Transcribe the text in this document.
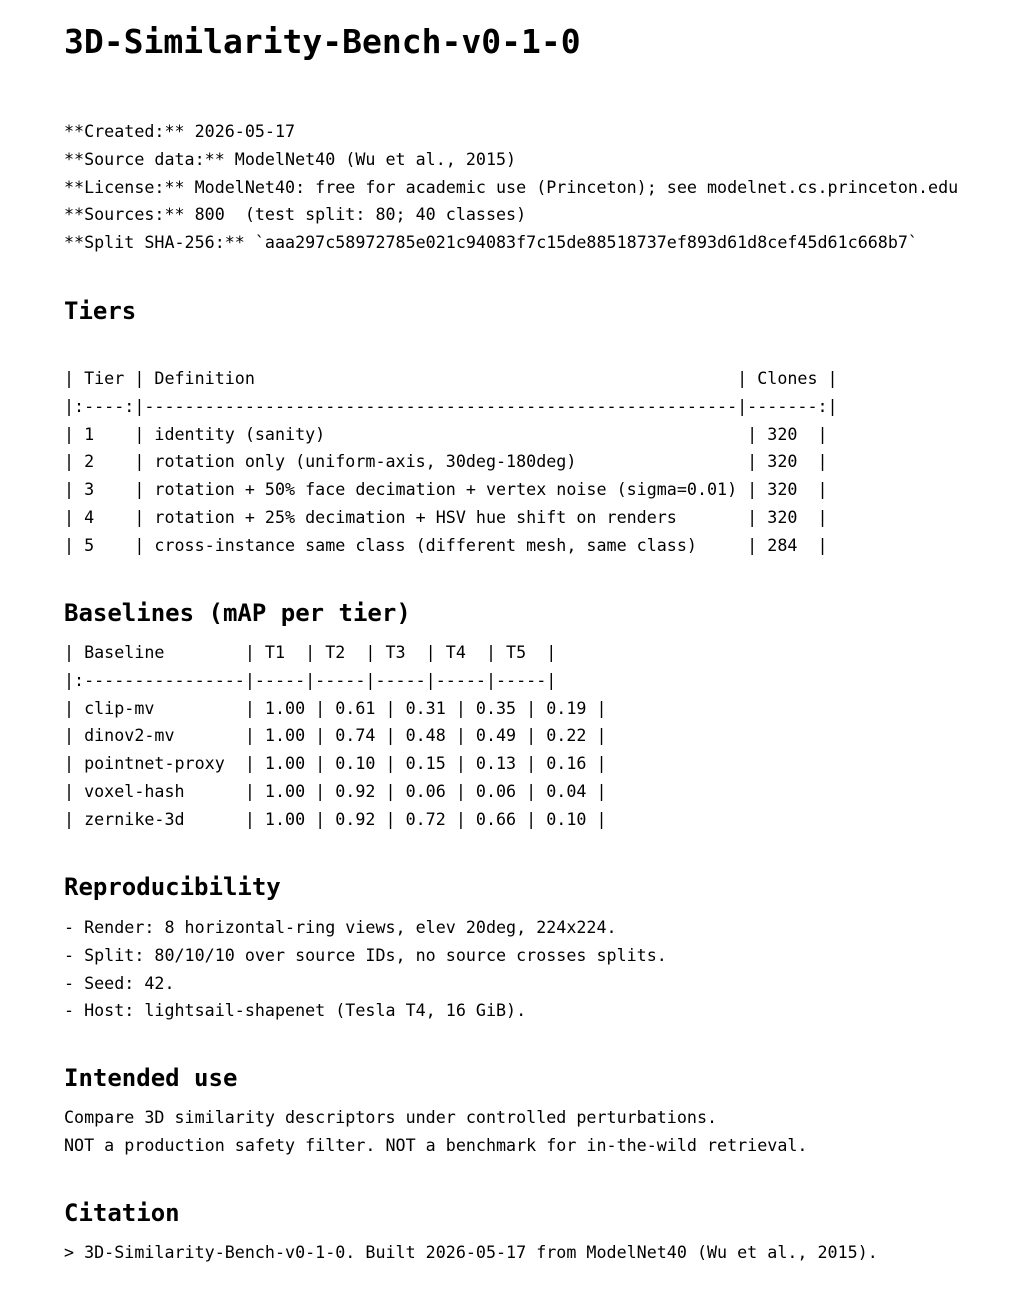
3D-Similarity-Bench-v0-1-0
**Created:** 2026-05-17
**Source data:** ModelNet40 (Wu et al., 2015)
**License:** ModelNet40: free for academic use (Princeton); see modelnet.cs.princeton.edu
**Sources:** 800  (test split: 80; 40 classes)
**Split SHA-256:** `aaa297c58972785e021c94083f7c15de88518737ef893d61d8cef45d61c668b7`
Tiers
| Tier | Definition                                                | Clones |
|:----:|-----------------------------------------------------------|-------:|
| 1    | identity (sanity)                                          | 320  |
| 2    | rotation only (uniform-axis, 30deg-180deg)                 | 320  |
| 3    | rotation + 50% face decimation + vertex noise (sigma=0.01) | 320  |
| 4    | rotation + 25% decimation + HSV hue shift on renders       | 320  |
| 5    | cross-instance same class (different mesh, same class)     | 284  |
Baselines (mAP per tier)
| Baseline        | T1  | T2  | T3  | T4  | T5  |
|:----------------|-----|-----|-----|-----|-----|
| clip-mv         | 1.00 | 0.61 | 0.31 | 0.35 | 0.19 |
| dinov2-mv       | 1.00 | 0.74 | 0.48 | 0.49 | 0.22 |
| pointnet-proxy  | 1.00 | 0.10 | 0.15 | 0.13 | 0.16 |
| voxel-hash      | 1.00 | 0.92 | 0.06 | 0.06 | 0.04 |
| zernike-3d      | 1.00 | 0.92 | 0.72 | 0.66 | 0.10 |
Reproducibility
- Render: 8 horizontal-ring views, elev 20deg, 224x224.
- Split: 80/10/10 over source IDs, no source crosses splits.
- Seed: 42.
- Host: lightsail-shapenet (Tesla T4, 16 GiB).
Intended use
Compare 3D similarity descriptors under controlled perturbations.
NOT a production safety filter. NOT a benchmark for in-the-wild retrieval.
Citation
> 3D-Similarity-Bench-v0-1-0. Built 2026-05-17 from ModelNet40 (Wu et al., 2015).
